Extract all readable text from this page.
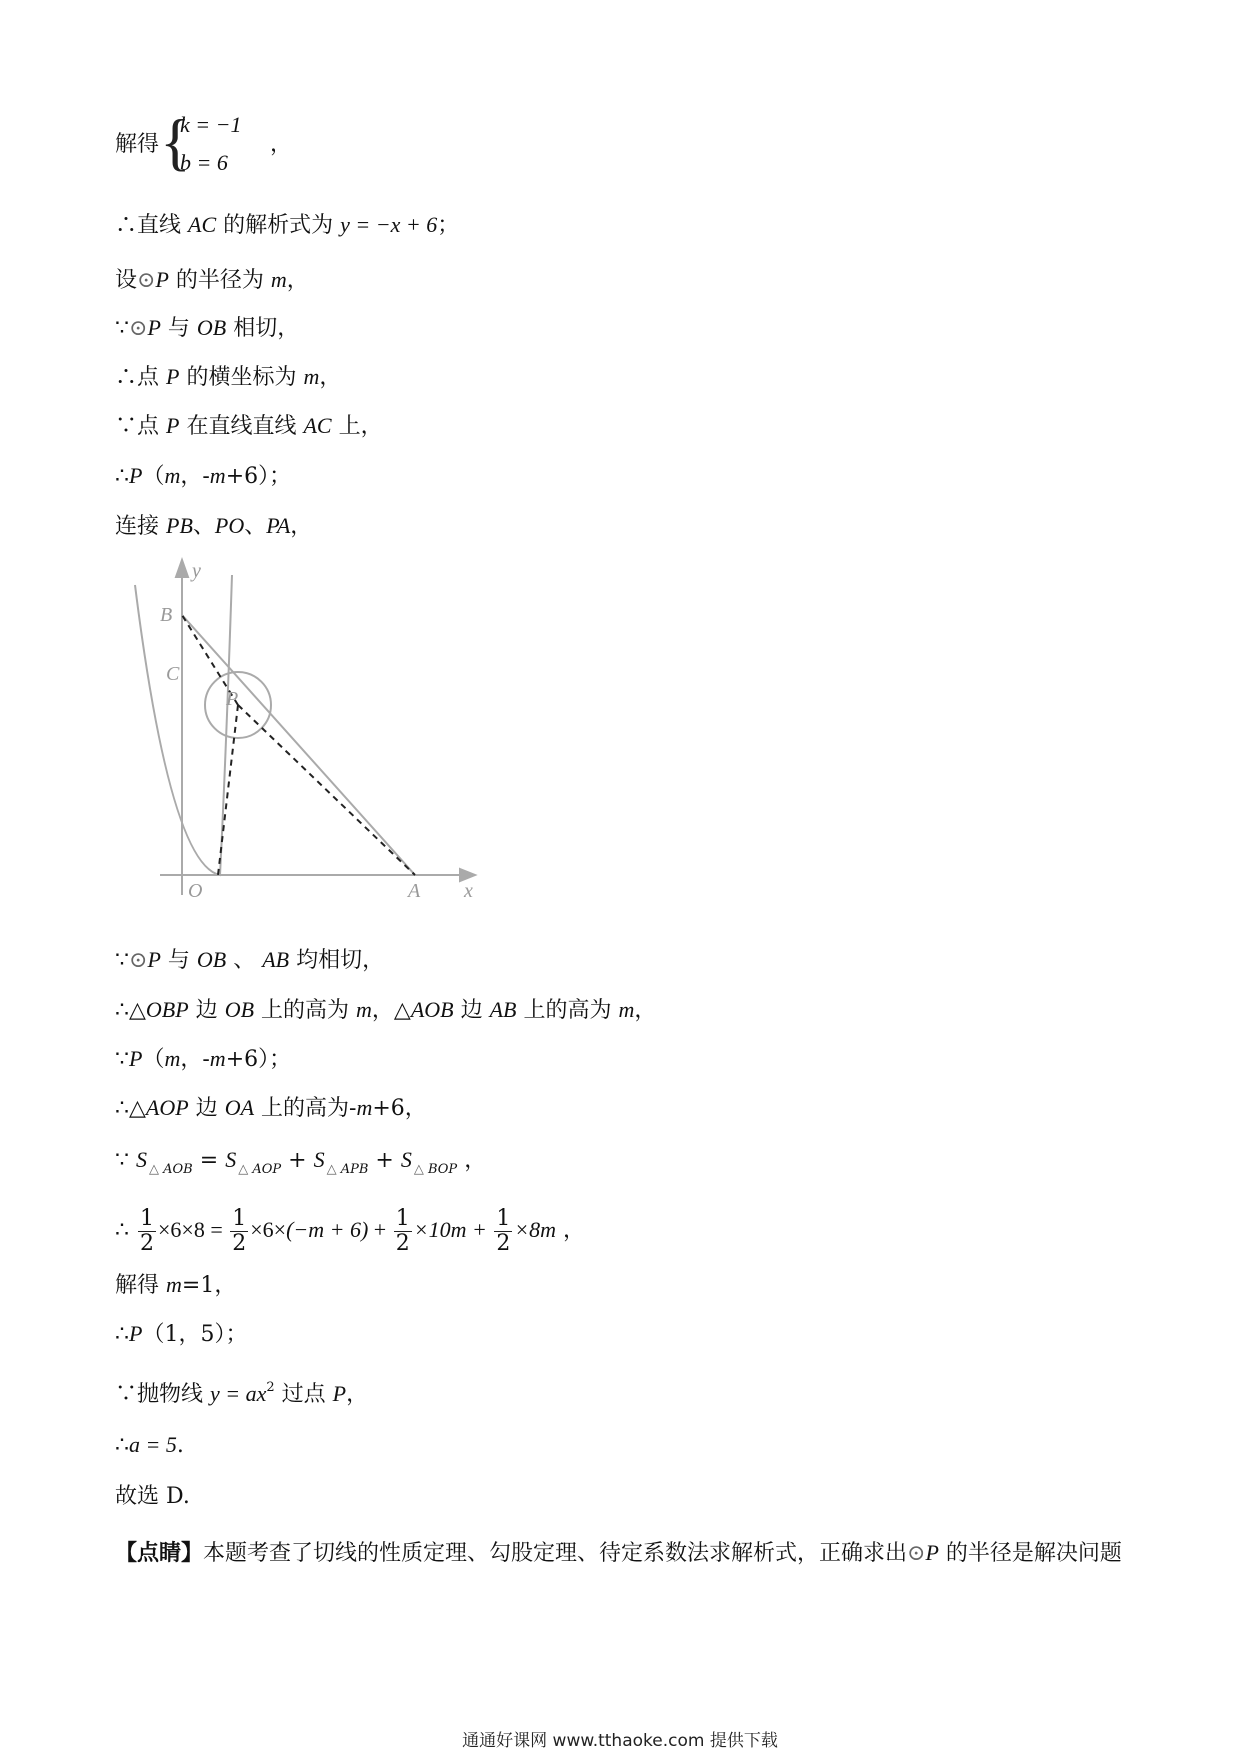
解得 {
k = −1
b = 6
，
∴直线 AC 的解析式为 y = −x + 6；
设⊙P 的半径为 m，
∵⊙P 与 OB 相切，
∴点 P 的横坐标为 m，
∵点 P 在直线直线 AC 上，
∴P（m，-m+6）；
连接 PB、PO、PA，
y
B
C
P
O	A x
∵⊙P 与 OB 、 AB 均相切，
∴△OBP 边 OB 上的高为 m，△AOB 边 AB 上的高为 m，
∵P（m，-m+6）；
∴△AOP 边 OA 上的高为-m+6，
∵ S $_{\triangle AOB}$ = S $_{\triangle AOP}$ + S $_{\triangle APB}$ + S $_{\triangle BOP}$ ，
∴ $\frac{1}{2} \times 6\times 8 = \frac{1}{2} \times 6\times(-m + 6) + \frac{1}{2} \times 10m + \frac{1}{2} \times 8m$ ，
解得 m=1，
∴P（1，5）；
∵抛物线 $y = ax^2$ 过点 P，
∴a = 5.
故选 D.
【点睛】本题考查了切线的性质定理、勾股定理、待定系数法求解析式，正确求出⊙P 的半径是解决问题
通通好课网 www.tthaoke.com 提供下载
